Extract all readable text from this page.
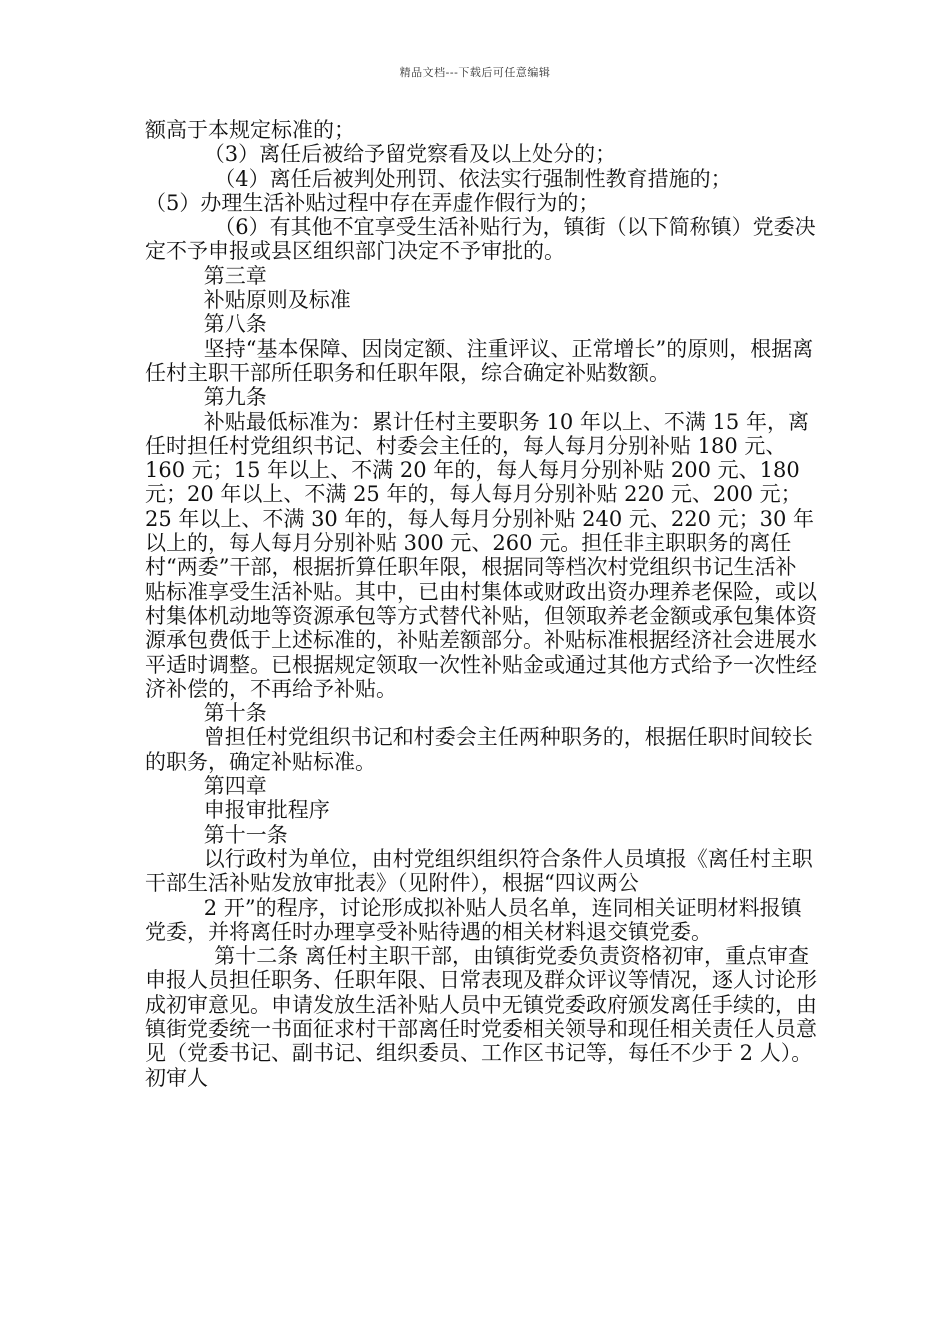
精品文档---下载后可任意编辑

额高于本规定标准的；

（3）离任后被给予留党察看及以上处分的；

（4）离任后被判处刑罚、依法实行强制性教育措施的；

（5）办理生活补贴过程中存在弄虚作假行为的；

（6）有其他不宜享受生活补贴行为，镇街（以下简称镇）党委决定不予申报或县区组织部门决定不予审批的。

第三章

补贴原则及标准

第八条

坚持“基本保障、因岗定额、注重评议、正常增长”的原则，根据离任村主职干部所任职务和任职年限，综合确定补贴数额。

第九条

补贴最低标准为：累计任村主要职务 10 年以上、不满 15 年，离任时担任村党组织书记、村委会主任的，每人每月分别补贴 180 元、160 元；15 年以上、不满 20 年的，每人每月分别补贴 200 元、180 元；20 年以上、不满 25 年的，每人每月分别补贴 220 元、200 元；25 年以上、不满 30 年的，每人每月分别补贴 240 元、220 元；30 年以上的，每人每月分别补贴 300 元、260 元。担任非主职职务的离任村“两委”干部，根据折算任职年限，根据同等档次村党组织书记生活补贴标准享受生活补贴。其中，已由村集体或财政出资办理养老保险，或以村集体机动地等资源承包等方式替代补贴，但领取养老金额或承包集体资源承包费低于上述标准的，补贴差额部分。补贴标准根据经济社会进展水平适时调整。已根据规定领取一次性补贴金或通过其他方式给予一次性经济补偿的，不再给予补贴。

第十条

曾担任村党组织书记和村委会主任两种职务的，根据任职时间较长的职务，确定补贴标准。

第四章

申报审批程序

第十一条

以行政村为单位，由村党组织组织符合条件人员填报《离任村主职干部生活补贴发放审批表》（见附件），根据“四议两公

2 开”的程序，讨论形成拟补贴人员名单，连同相关证明材料报镇党委，并将离任时办理享受补贴待遇的相关材料退交镇党委。

第十二条 离任村主职干部，由镇街党委负责资格初审，重点审查申报人员担任职务、任职年限、日常表现及群众评议等情况，逐人讨论形成初审意见。申请发放生活补贴人员中无镇党委政府颁发离任手续的，由镇街党委统一书面征求村干部离任时党委相关领导和现任相关责任人员意见（党委书记、副书记、组织委员、工作区书记等，每任不少于 2 人）。初审人
